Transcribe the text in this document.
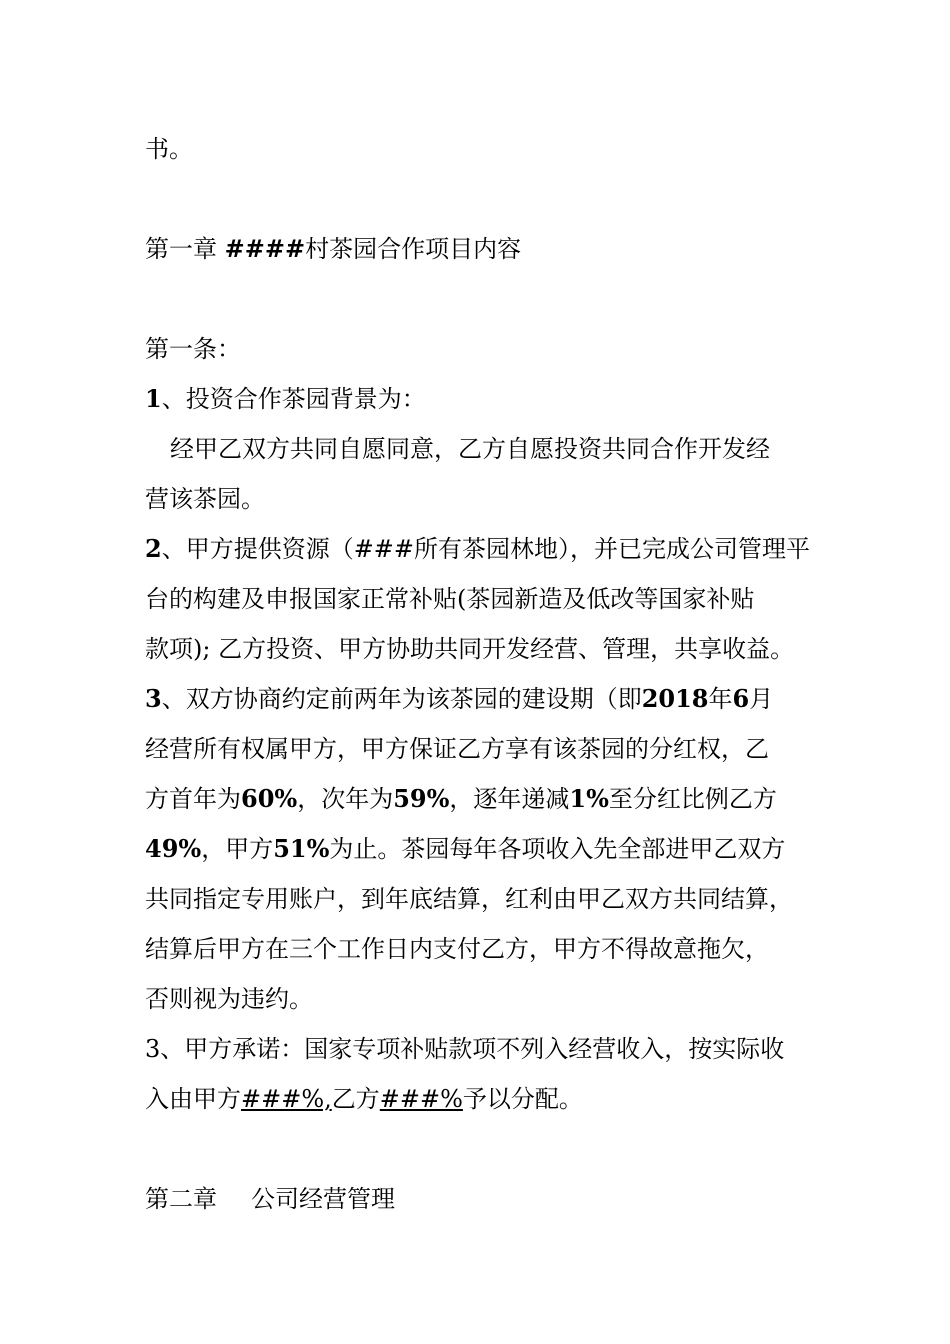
书。
第一章 ####村茶园合作项目内容
第一条：
1、投资合作茶园背景为：
经甲乙双方共同自愿同意，乙方自愿投资共同合作开发经
营该茶园。
2、甲方提供资源（###所有茶园林地），并已完成公司管理平
台的构建及申报国家正常补贴(茶园新造及低改等国家补贴
款项); 乙方投资、甲方协助共同开发经营、管理，共享收益。
3、双方协商约定前两年为该茶园的建设期（即2018年6月
经营所有权属甲方，甲方保证乙方享有该茶园的分红权，乙
方首年为60%，次年为59%，逐年递减1%至分红比例乙方
49%，甲方51%为止。茶园每年各项收入先全部进甲乙双方
共同指定专用账户，到年底结算，红利由甲乙双方共同结算，
结算后甲方在三个工作日内支付乙方，甲方不得故意拖欠，
否则视为违约。
3、甲方承诺：国家专项补贴款项不列入经营收入，按实际收
入由甲方###%,乙方###%予以分配。
第二章 公司经营管理
